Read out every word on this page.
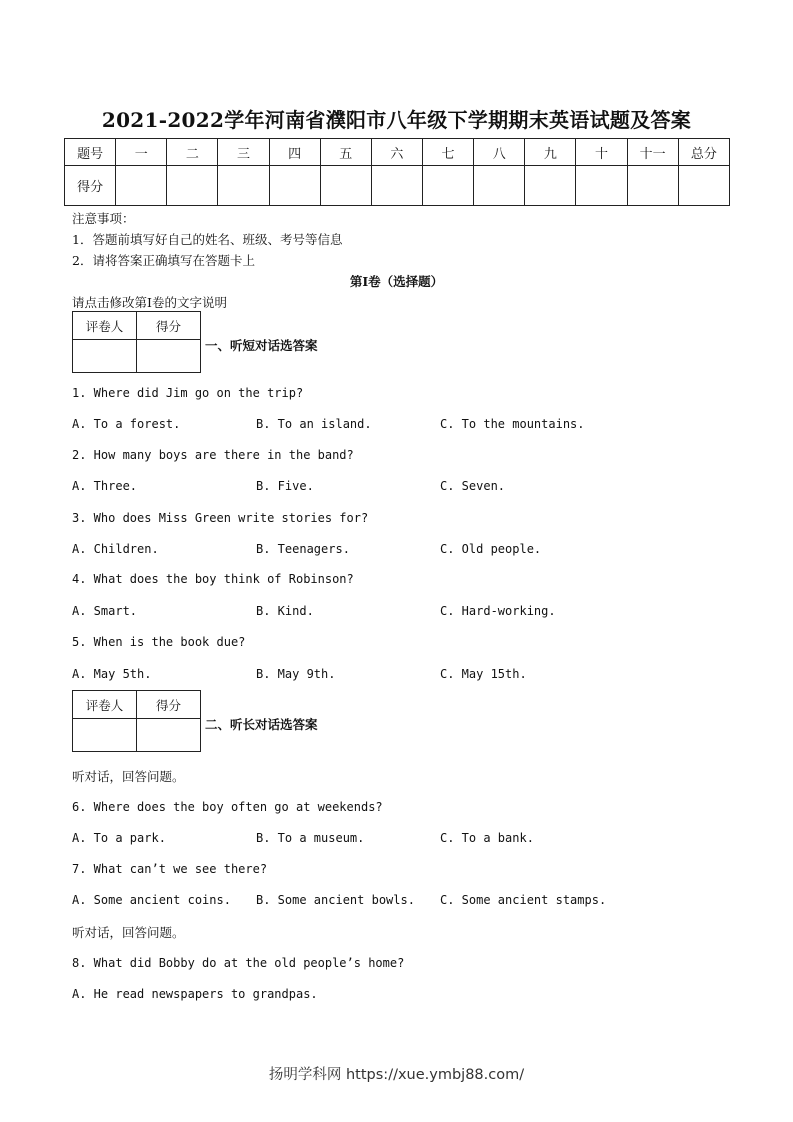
2021-2022学年河南省濮阳市八年级下学期期末英语试题及答案
题号	一	二	三	四	五	六	七	八	九	十	十一	总分
得分												
注意事项：
1．答题前填写好自己的姓名、班级、考号等信息
2．请将答案正确填写在答题卡上
第I卷（选择题）
请点击修改第I卷的文字说明
评卷人	得分

一、听短对话选答案
1. Where did Jim go on the trip?
A. To a forest.	B. To an island.	C. To the mountains.
2. How many boys are there in the band?
A. Three.	B. Five.	C. Seven.
3. Who does Miss Green write stories for?
A. Children.	B. Teenagers.	C. Old people.
4. What does the boy think of Robinson?
A. Smart.	B. Kind.	C. Hard-working.
5. When is the book due?
A. May 5th.	B. May 9th.	C. May 15th.
评卷人	得分

二、听长对话选答案
听对话，回答问题。
6. Where does the boy often go at weekends?
A. To a park.	B. To a museum.	C. To a bank.
7. What can’t we see there?
A. Some ancient coins. B. Some ancient bowls. C. Some ancient stamps.
听对话，回答问题。
8. What did Bobby do at the old people’s home?
A. He read newspapers to grandpas.
扬明学科网 https://xue.ymbj88.com/
